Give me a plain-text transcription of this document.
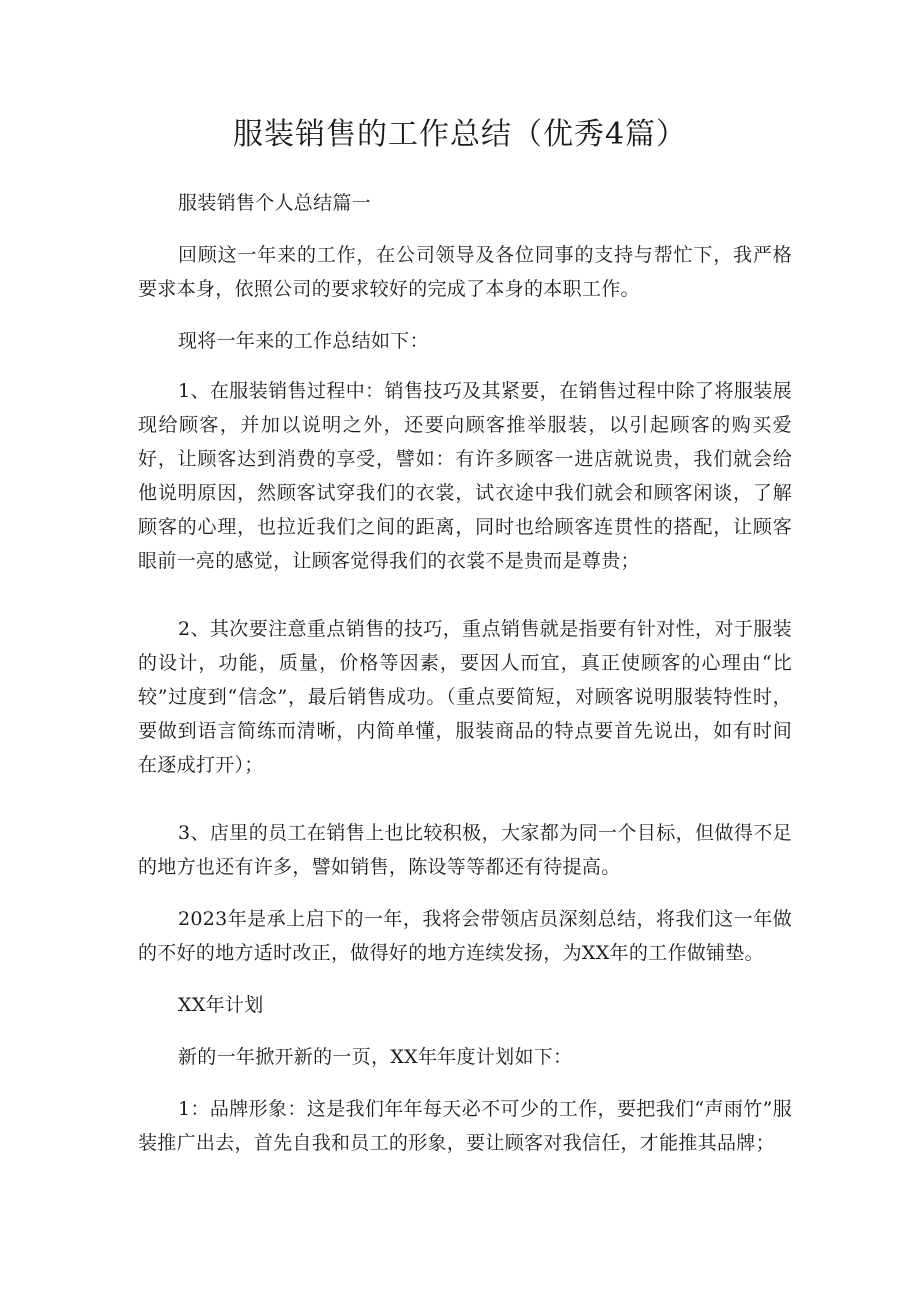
服装销售的工作总结（优秀4篇）

服装销售个人总结篇一

回顾这一年来的工作，在公司领导及各位同事的支持与帮忙下，我严格要求本身，依照公司的要求较好的完成了本身的本职工作。

现将一年来的工作总结如下：

1、在服装销售过程中：销售技巧及其紧要，在销售过程中除了将服装展现给顾客，并加以说明之外，还要向顾客推举服装，以引起顾客的购买爱好，让顾客达到消费的享受，譬如：有许多顾客一进店就说贵，我们就会给他说明原因，然顾客试穿我们的衣裳，试衣途中我们就会和顾客闲谈，了解顾客的心理，也拉近我们之间的距离，同时也给顾客连贯性的搭配，让顾客眼前一亮的感觉，让顾客觉得我们的衣裳不是贵而是尊贵；

2、其次要注意重点销售的技巧，重点销售就是指要有针对性，对于服装的设计，功能，质量，价格等因素，要因人而宜，真正使顾客的心理由“比较”过度到“信念”，最后销售成功。（重点要简短，对顾客说明服装特性时，要做到语言简练而清晰，内简单懂，服装商品的特点要首先说出，如有时间在逐成打开）；

3、店里的员工在销售上也比较积极，大家都为同一个目标，但做得不足的地方也还有许多，譬如销售，陈设等等都还有待提高。

2023年是承上启下的一年，我将会带领店员深刻总结，将我们这一年做的不好的地方适时改正，做得好的地方连续发扬，为XX年的工作做铺垫。

XX年计划

新的一年掀开新的一页，XX年年度计划如下：

1：品牌形象：这是我们年年每天必不可少的工作，要把我们“声雨竹”服装推广出去，首先自我和员工的形象，要让顾客对我信任，才能推其品牌；
